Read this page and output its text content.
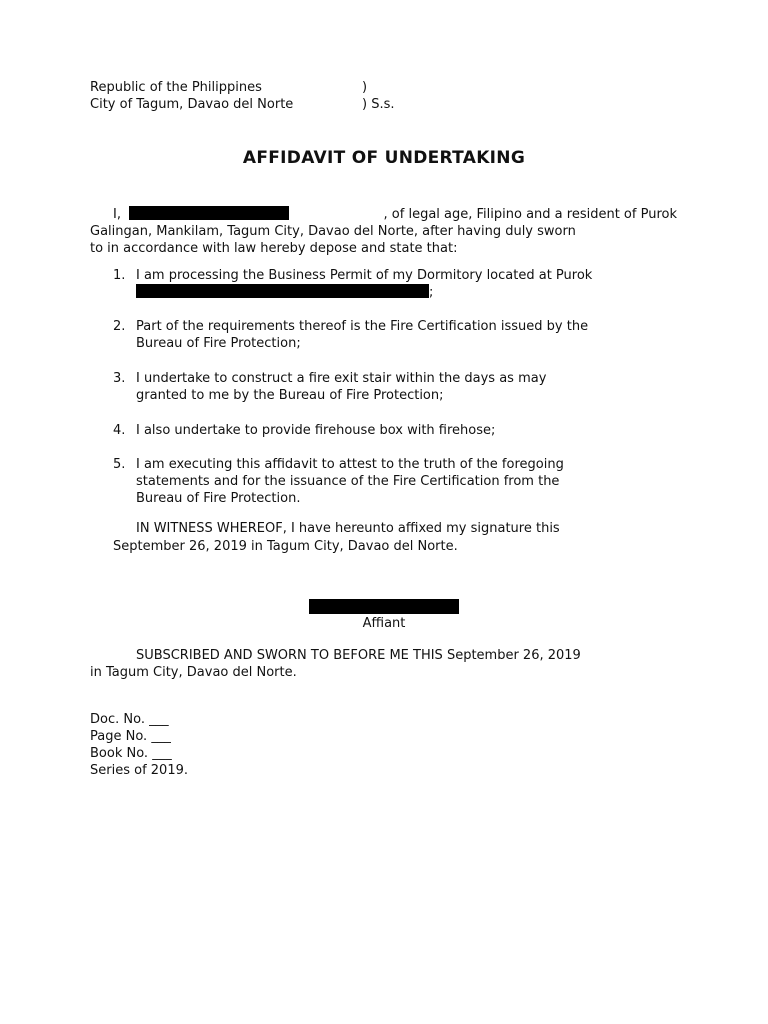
Republic of the Philippines	)
City of Tagum, Davao del Norte	) S.s.
AFFIDAVIT OF UNDERTAKING
I,	, of legal age, Filipino and a resident of Purok
Galingan, Mankilam, Tagum City, Davao del Norte, after having duly sworn
to in accordance with law hereby depose and state that:
1. I am processing the Business Permit of my Dormitory located at Purok
;
2. Part of the requirements thereof is the Fire Certification issued by the
Bureau of Fire Protection;
3. I undertake to construct a fire exit stair within the days as may
granted to me by the Bureau of Fire Protection;
4. I also undertake to provide firehouse box with firehose;
5. I am executing this affidavit to attest to the truth of the foregoing
statements and for the issuance of the Fire Certification from the
Bureau of Fire Protection.
IN WITNESS WHEREOF, I have hereunto affixed my signature this
September 26, 2019 in Tagum City, Davao del Norte.
Affiant
SUBSCRIBED AND SWORN TO BEFORE ME THIS September 26, 2019
in Tagum City, Davao del Norte.
Doc. No. ___
Page No. ___
Book No. ___
Series of 2019.
